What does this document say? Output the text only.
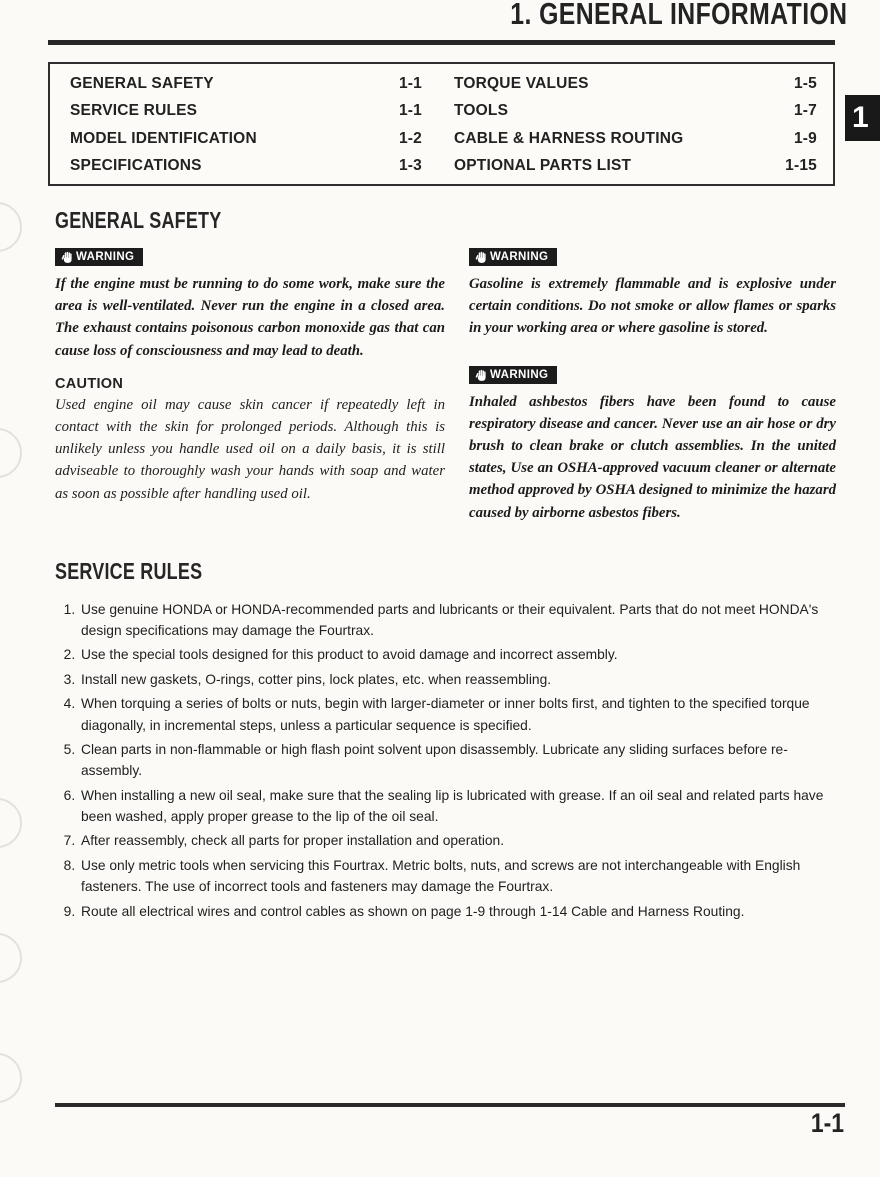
1. GENERAL INFORMATION
GENERAL SAFETY	1-1
SERVICE RULES	1-1
MODEL IDENTIFICATION	1-2
SPECIFICATIONS	1-3
TORQUE VALUES	1-5
TOOLS	1-7
CABLE & HARNESS ROUTING	1-9
OPTIONAL PARTS LIST	1-15
1
GENERAL SAFETY
WARNING

If the engine must be running to do some work, make sure the area is well-ventilated. Never run the engine in a closed area. The exhaust contains poisonous carbon monoxide gas that can cause loss of consciousness and may lead to death.

CAUTION

Used engine oil may cause skin cancer if repeatedly left in contact with the skin for prolonged periods. Although this is unlikely unless you handle used oil on a daily basis, it is still adviseable to thoroughly wash your hands with soap and water as soon as possible after handling used oil.

WARNING

Gasoline is extremely flammable and is explosive under certain conditions. Do not smoke or allow flames or sparks in your working area or where gasoline is stored.

WARNING

Inhaled ashbestos fibers have been found to cause respiratory disease and cancer. Never use an air hose or dry brush to clean brake or clutch assemblies. In the united states, Use an OSHA-approved vacuum cleaner or alternate method approved by OSHA designed to minimize the hazard caused by airborne asbestos fibers.

SERVICE RULES
1. Use genuine HONDA or HONDA-recommended parts and lubricants or their equivalent. Parts that do not meet HONDA's design specifications may damage the Fourtrax.
2. Use the special tools designed for this product to avoid damage and incorrect assembly.
3. Install new gaskets, O-rings, cotter pins, lock plates, etc. when reassembling.
4. When torquing a series of bolts or nuts, begin with larger-diameter or inner bolts first, and tighten to the specified torque diagonally, in incremental steps, unless a particular sequence is specified.
5. Clean parts in non-flammable or high flash point solvent upon disassembly. Lubricate any sliding surfaces before re-assembly.
6. When installing a new oil seal, make sure that the sealing lip is lubricated with grease. If an oil seal and related parts have been washed, apply proper grease to the lip of the oil seal.
7. After reassembly, check all parts for proper installation and operation.
8. Use only metric tools when servicing this Fourtrax. Metric bolts, nuts, and screws are not interchangeable with English fasteners. The use of incorrect tools and fasteners may damage the Fourtrax.
9. Route all electrical wires and control cables as shown on page 1-9 through 1-14 Cable and Harness Routing.
1-1
